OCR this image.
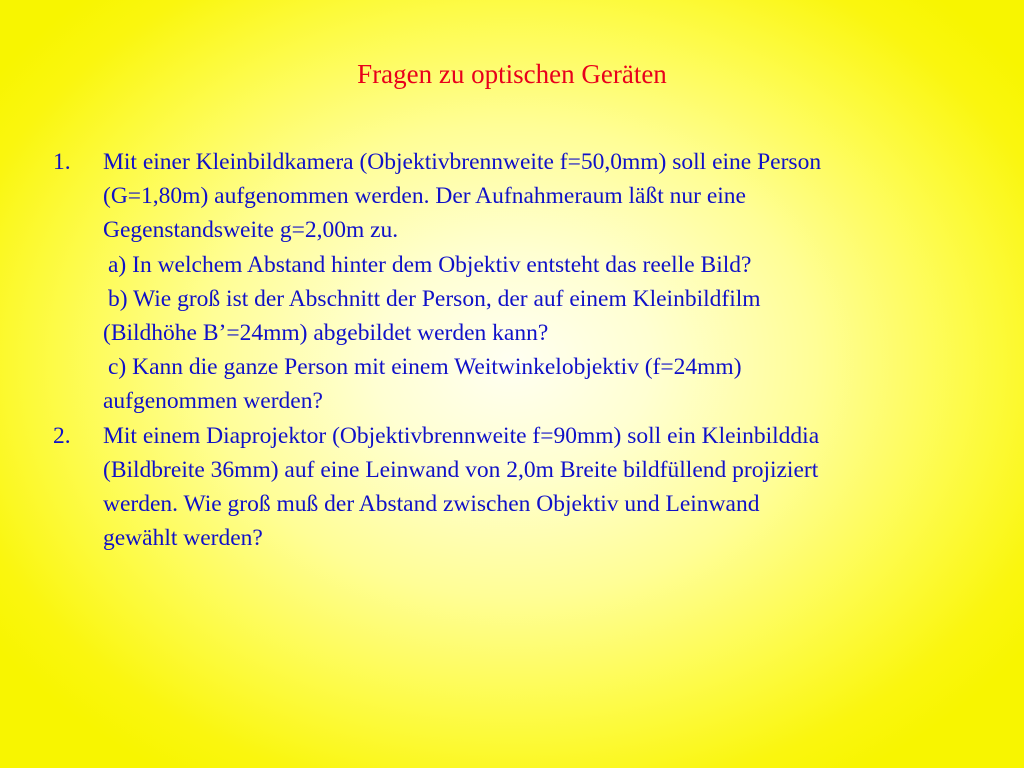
Fragen zu optischen Geräten
1. Mit einer Kleinbildkamera (Objektivbrennweite f=50,0mm) soll eine Person
(G=1,80m) aufgenommen werden. Der Aufnahmeraum läßt nur eine
Gegenstandsweite g=2,00m zu.
a) In welchem Abstand hinter dem Objektiv entsteht das reelle Bild?
b) Wie groß ist der Abschnitt der Person, der auf einem Kleinbildfilm
(Bildhöhe B’=24mm) abgebildet werden kann?
c) Kann die ganze Person mit einem Weitwinkelobjektiv (f=24mm)
aufgenommen werden?
2. Mit einem Diaprojektor (Objektivbrennweite f=90mm) soll ein Kleinbilddia
(Bildbreite 36mm) auf eine Leinwand von 2,0m Breite bildfüllend projiziert
werden. Wie groß muß der Abstand zwischen Objektiv und Leinwand
gewählt werden?
